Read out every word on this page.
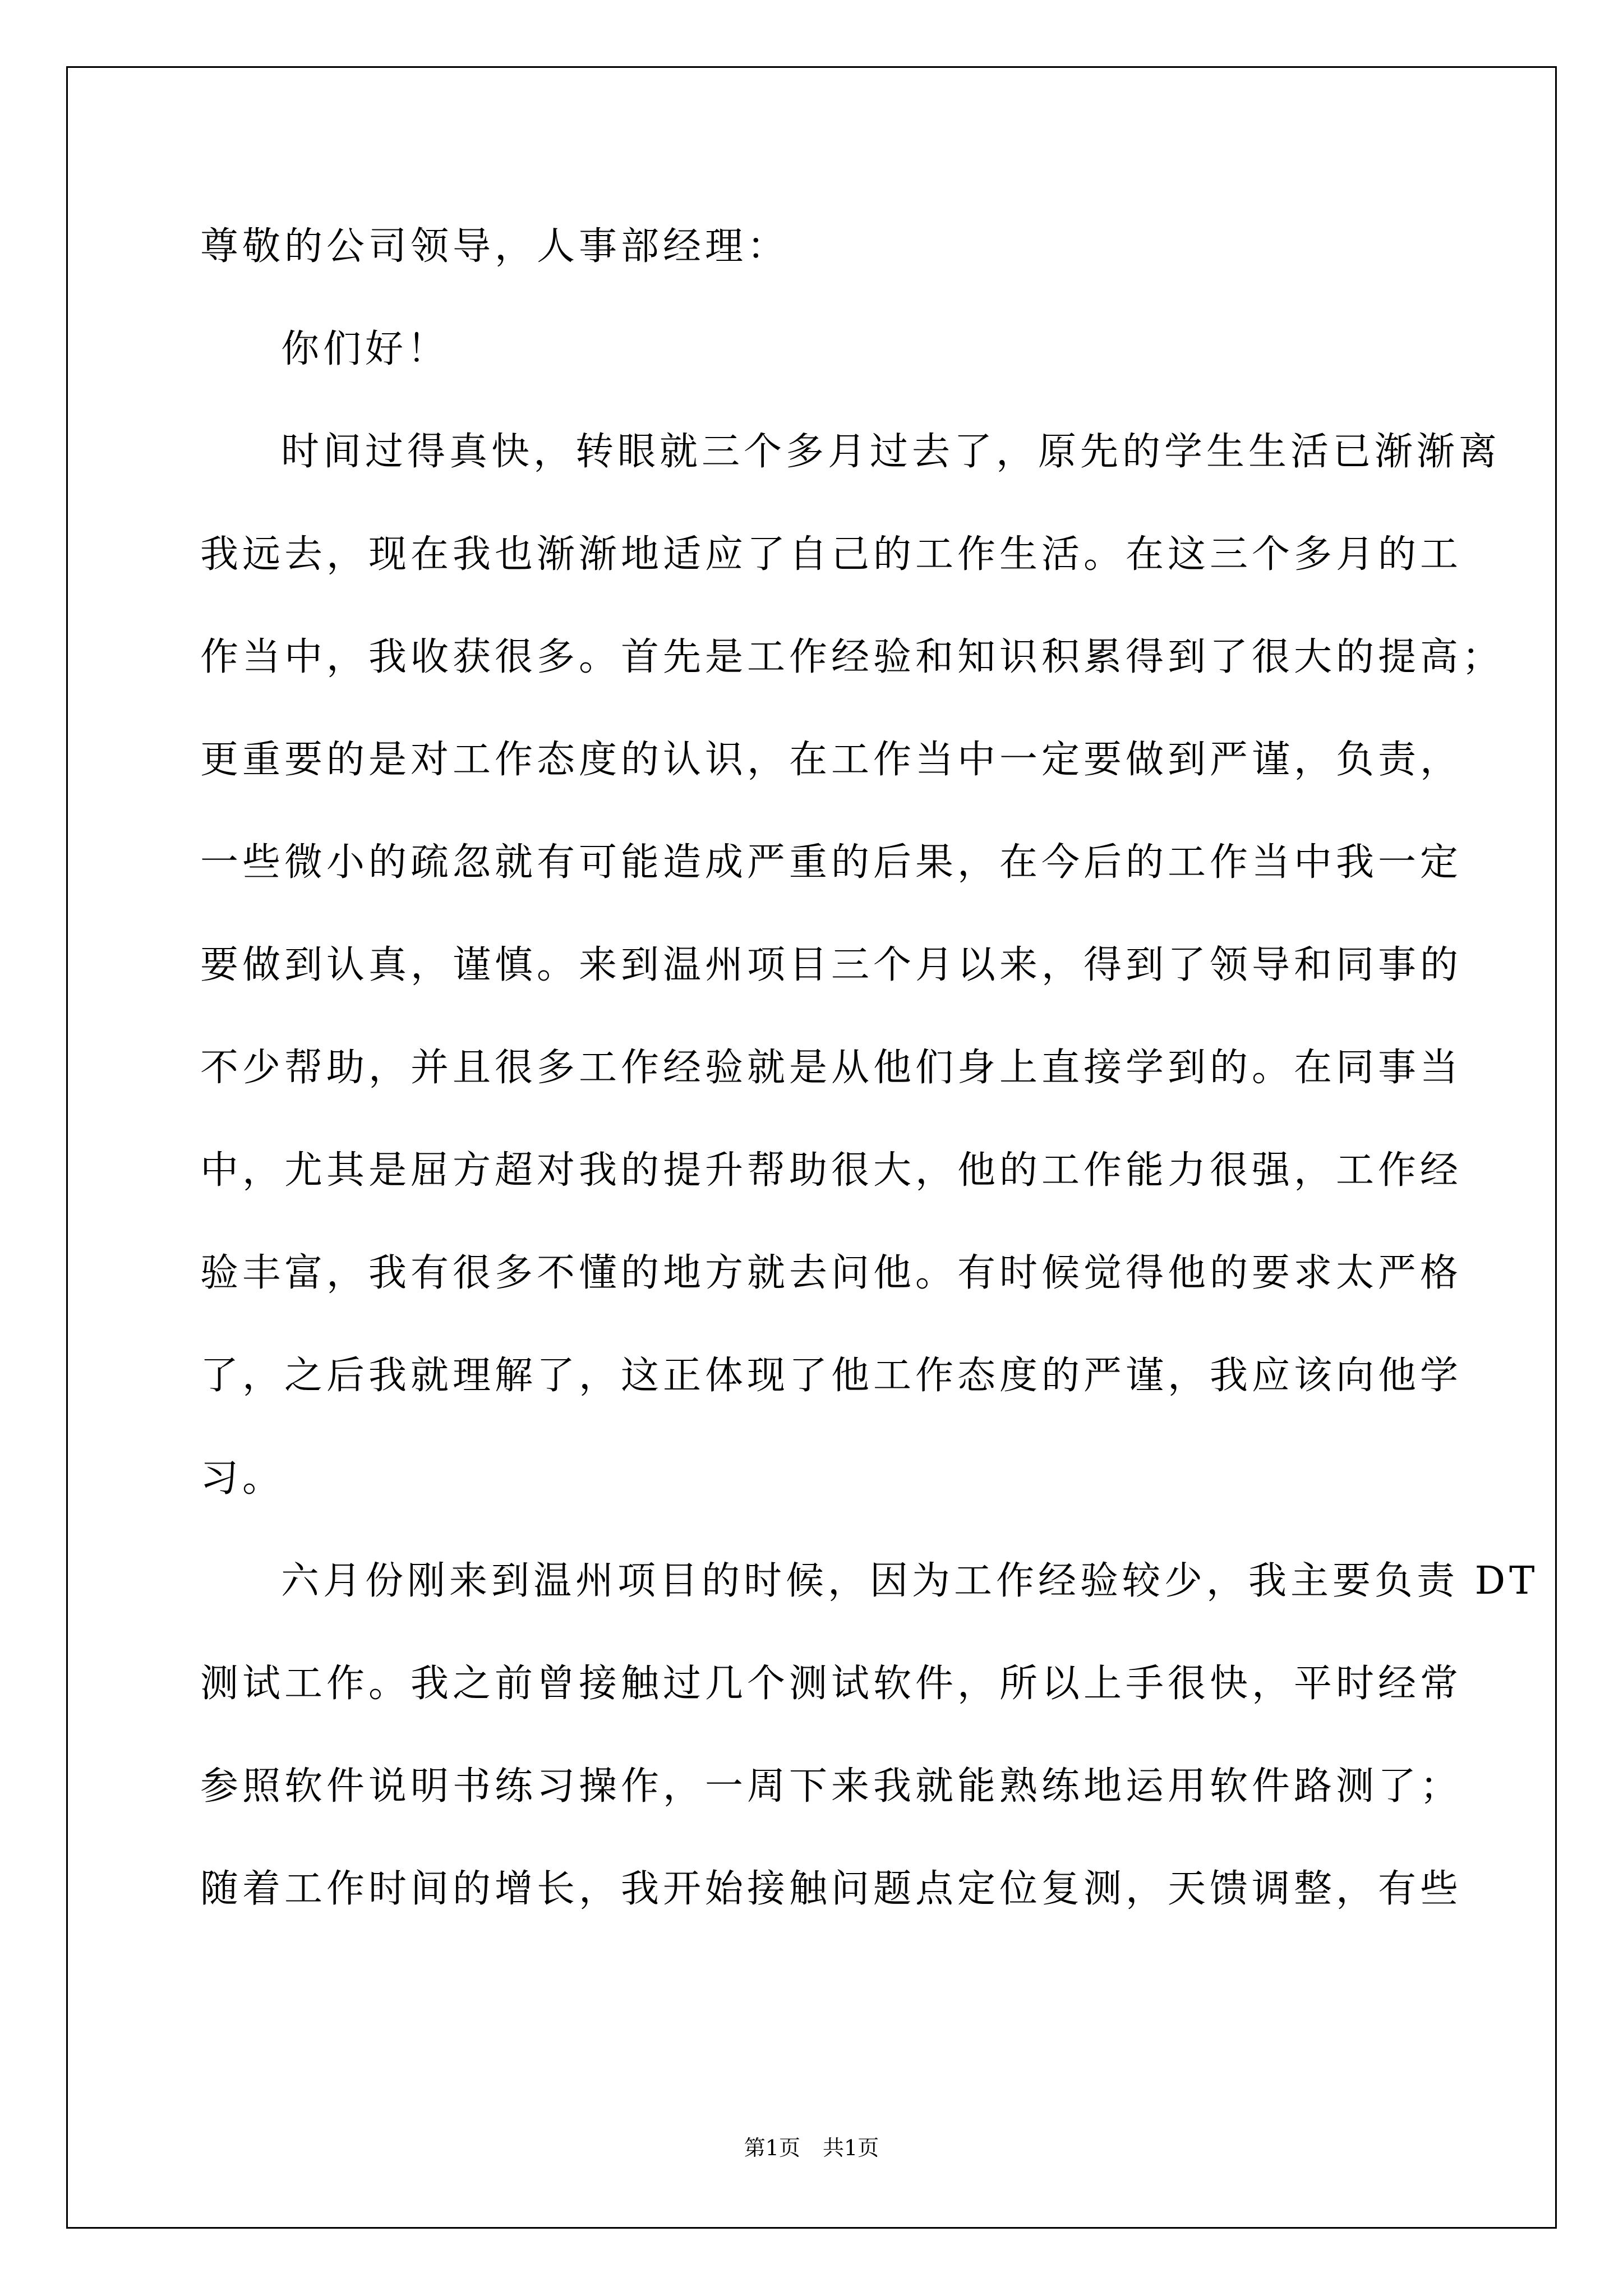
尊敬的公司领导，人事部经理：
你们好！
时间过得真快，转眼就三个多月过去了，原先的学生生活已渐渐离
我远去，现在我也渐渐地适应了自己的工作生活。在这三个多月的工
作当中，我收获很多。首先是工作经验和知识积累得到了很大的提高；
更重要的是对工作态度的认识，在工作当中一定要做到严谨，负责，
一些微小的疏忽就有可能造成严重的后果，在今后的工作当中我一定
要做到认真，谨慎。来到温州项目三个月以来，得到了领导和同事的
不少帮助，并且很多工作经验就是从他们身上直接学到的。在同事当
中，尤其是屈方超对我的提升帮助很大，他的工作能力很强，工作经
验丰富，我有很多不懂的地方就去问他。有时候觉得他的要求太严格
了，之后我就理解了，这正体现了他工作态度的严谨，我应该向他学
习。
六月份刚来到温州项目的时候，因为工作经验较少，我主要负责 DT
测试工作。我之前曾接触过几个测试软件，所以上手很快，平时经常
参照软件说明书练习操作，一周下来我就能熟练地运用软件路测了；
随着工作时间的增长，我开始接触问题点定位复测，天馈调整，有些
第1页 共1页
